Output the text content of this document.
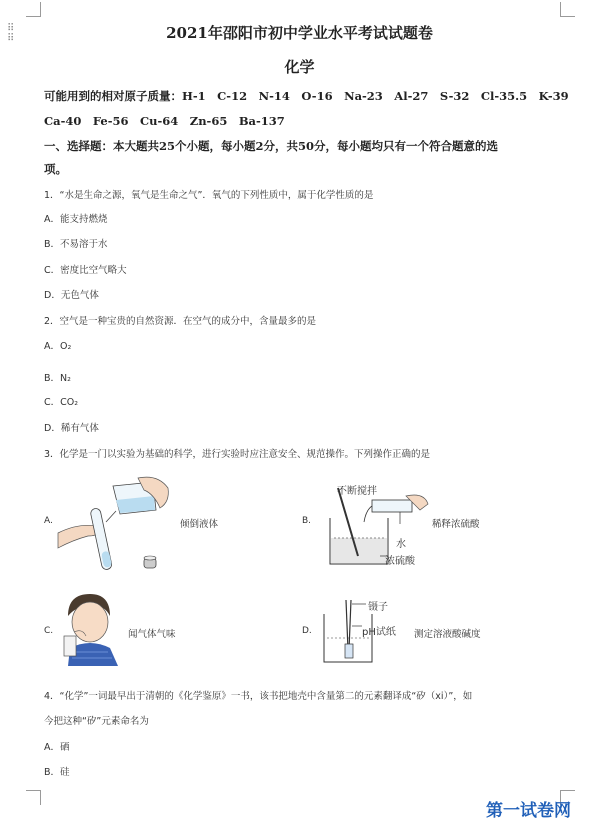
⠿

⠿	2021年邵阳市初中学业水平考试试题卷
化学
可能用到的相对原子质量：H-1　C-12　N-14　O-16　Na-23　Al-27　S-32　Cl-35.5　K-39
Ca-40　Fe-56　Cu-64　Zn-65　Ba-137
一、选择题：本大题共25个小题，每小题2分，共50分，每小题均只有一个符合题意的选
项。
1．“水是生命之源，氧气是生命之气”．氧气的下列性质中，属于化学性质的是
A．能支持燃烧
B．不易溶于水
C．密度比空气略大
D．无色气体
2．空气是一种宝贵的自然资源．在空气的成分中，含量最多的是
A．O₂
B．N₂
C．CO₂
D．稀有气体
3．化学是一门以实验为基础的科学，进行实验时应注意安全、规范操作。下列操作正确的是
A.	倾倒液体	B.
不断搅拌
水
浓硫酸
稀释浓硫酸
C.	闻气体气味	D.
镊子
pH试纸 测定溶液酸碱度
4．“化学”一词最早出于清朝的《化学鉴原》一书，该书把地壳中含量第二的元素翻译成“矽（xi）”，如
今把这种“矽”元素命名为
A．硒
B．硅
第一试卷网
